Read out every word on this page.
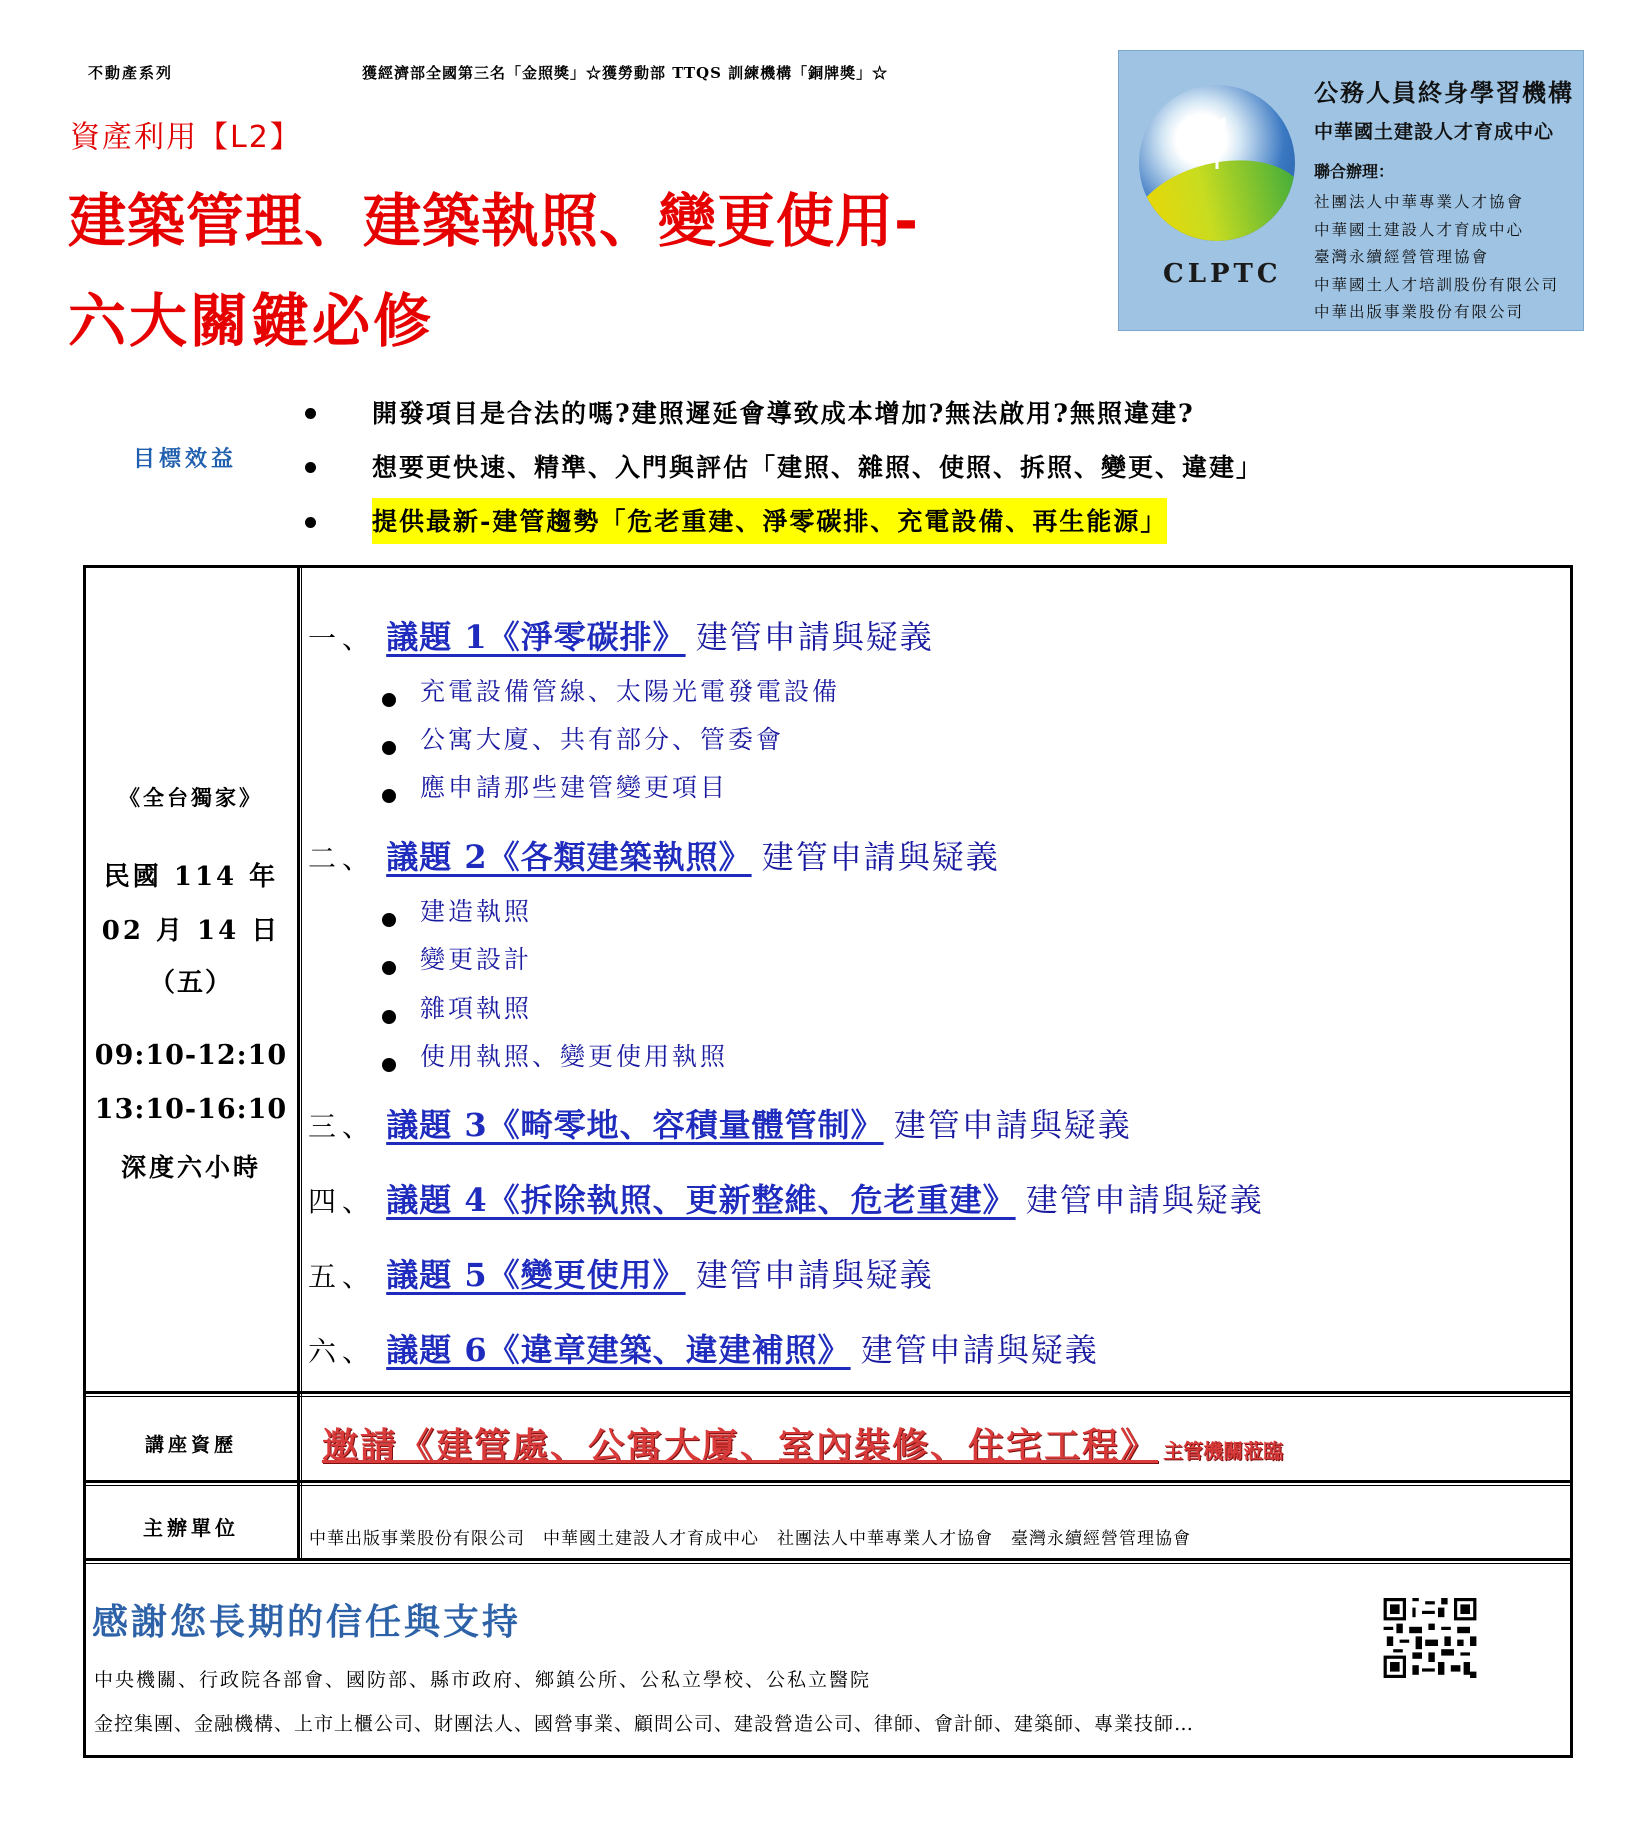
不動產系列	獲經濟部全國第三名「金照獎」☆獲勞動部 TTQS 訓練機構「銅牌獎」☆
資產利用【L2】
建築管理、建築執照、變更使用-
六大關鍵必修
CLPTC
公務人員終身學習機構
中華國土建設人才育成中心
聯合辦理：
社團法人中華專業人才協會
中華國土建設人才育成中心
臺灣永續經營管理協會
中華國土人才培訓股份有限公司
中華出版事業股份有限公司
目標效益
開發項目是合法的嗎?建照遲延會導致成本增加?無法啟用?無照違建?
想要更快速、精準、入門與評估「建照、雜照、使照、拆照、變更、違建」
提供最新-建管趨勢「危老重建、淨零碳排、充電設備、再生能源」
《全台獨家》
民國 114 年
02 月 14 日
（五）
09:10-12:10
13:10-16:10
深度六小時
一、 議題 1《淨零碳排》 建管申請與疑義
充電設備管線、太陽光電發電設備
公寓大廈、共有部分、管委會
應申請那些建管變更項目
二、 議題 2《各類建築執照》 建管申請與疑義
建造執照
變更設計
雜項執照
使用執照、變更使用執照
三、 議題 3《畸零地、容積量體管制》 建管申請與疑義
四、 議題 4《拆除執照、更新整維、危老重建》 建管申請與疑義
五、 議題 5《變更使用》 建管申請與疑義
六、 議題 6《違章建築、違建補照》 建管申請與疑義
講座資歷	邀請《建管處、公寓大廈、室內裝修、住宅工程》 主管機關蒞臨
主辦單位	中華出版事業股份有限公司　中華國土建設人才育成中心　社團法人中華專業人才協會　臺灣永續經營管理協會
感謝您長期的信任與支持
中央機關、行政院各部會、國防部、縣市政府、鄉鎮公所、公私立學校、公私立醫院
金控集團、金融機構、上市上櫃公司、財團法人、國營事業、顧問公司、建設營造公司、律師、會計師、建築師、專業技師…
